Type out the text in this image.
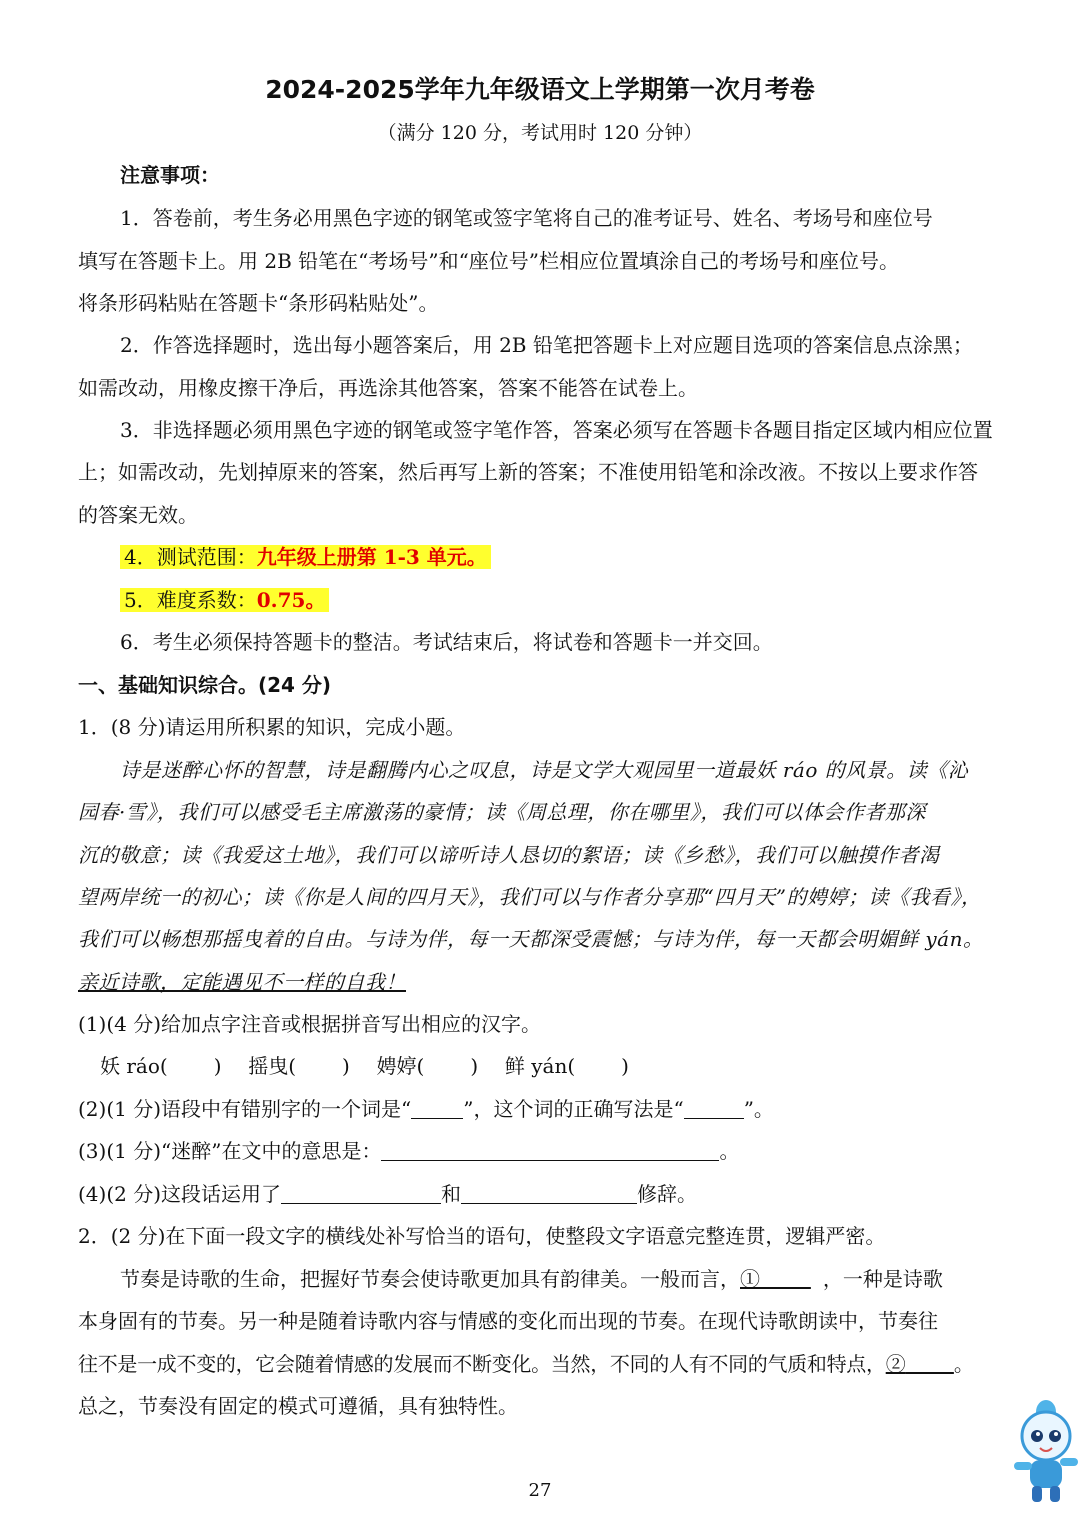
2024-2025学年九年级语文上学期第一次月考卷
（满分 120 分，考试用时 120 分钟）
注意事项：
1．答卷前，考生务必用黑色字迹的钢笔或签字笔将自己的准考证号、姓名、考场号和座位号
填写在答题卡上。用 2B 铅笔在“考场号”和“座位号”栏相应位置填涂自己的考场号和座位号。
将条形码粘贴在答题卡“条形码粘贴处”。
2．作答选择题时，选出每小题答案后，用 2B 铅笔把答题卡上对应题目选项的答案信息点涂黑；
如需改动，用橡皮擦干净后，再选涂其他答案，答案不能答在试卷上。
3．非选择题必须用黑色字迹的钢笔或签字笔作答，答案必须写在答题卡各题目指定区域内相应位置
上；如需改动，先划掉原来的答案，然后再写上新的答案；不准使用铅笔和涂改液。不按以上要求作答
的答案无效。
4．测试范围：九年级上册第 1-3 单元。
5．难度系数：0.75。
6．考生必须保持答题卡的整洁。考试结束后，将试卷和答题卡一并交回。
一、基础知识综合。(24 分)
1．(8 分)请运用所积累的知识，完成小题。
诗是迷醉心怀的智慧，诗是翻腾内心之叹息，诗是文学大观园里一道最妖 ráo 的风景。读《沁
园春·雪》，我们可以感受毛主席激荡的豪情；读《周总理，你在哪里》，我们可以体会作者那深
沉的敬意；读《我爱这土地》，我们可以谛听诗人恳切的絮语；读《乡愁》，我们可以触摸作者渴
望两岸统一的初心；读《你是人间的四月天》，我们可以与作者分享那“四月天”的娉婷；读《我看》，
我们可以畅想那摇曳着的自由。与诗为伴，每一天都深受震憾；与诗为伴，每一天都会明媚鲜 yán。
亲近诗歌，定能遇见不一样的自我！
(1)(4 分)给加点字注音或根据拼音写出相应的汉字。
妖 ráo( ) 摇曳( ) 娉婷( ) 鲜 yán( )
(2)(1 分)语段中有错别字的一个词是“	”，这个词的正确写法是“	”。
(3)(1 分)“迷醉”在文中的意思是：	。
(4)(2 分)这段话运用了	和	修辞。
2．(2 分)在下面一段文字的横线处补写恰当的语句，使整段文字语意完整连贯，逻辑严密。
节奏是诗歌的生命，把握好节奏会使诗歌更加具有韵律美。一般而言，①	，一种是诗歌
本身固有的节奏。另一种是随着诗歌内容与情感的变化而出现的节奏。在现代诗歌朗读中，节奏往
往不是一成不变的，它会随着情感的发展而不断变化。当然，不同的人有不同的气质和特点，② 。
总之，节奏没有固定的模式可遵循，具有独特性。
27
